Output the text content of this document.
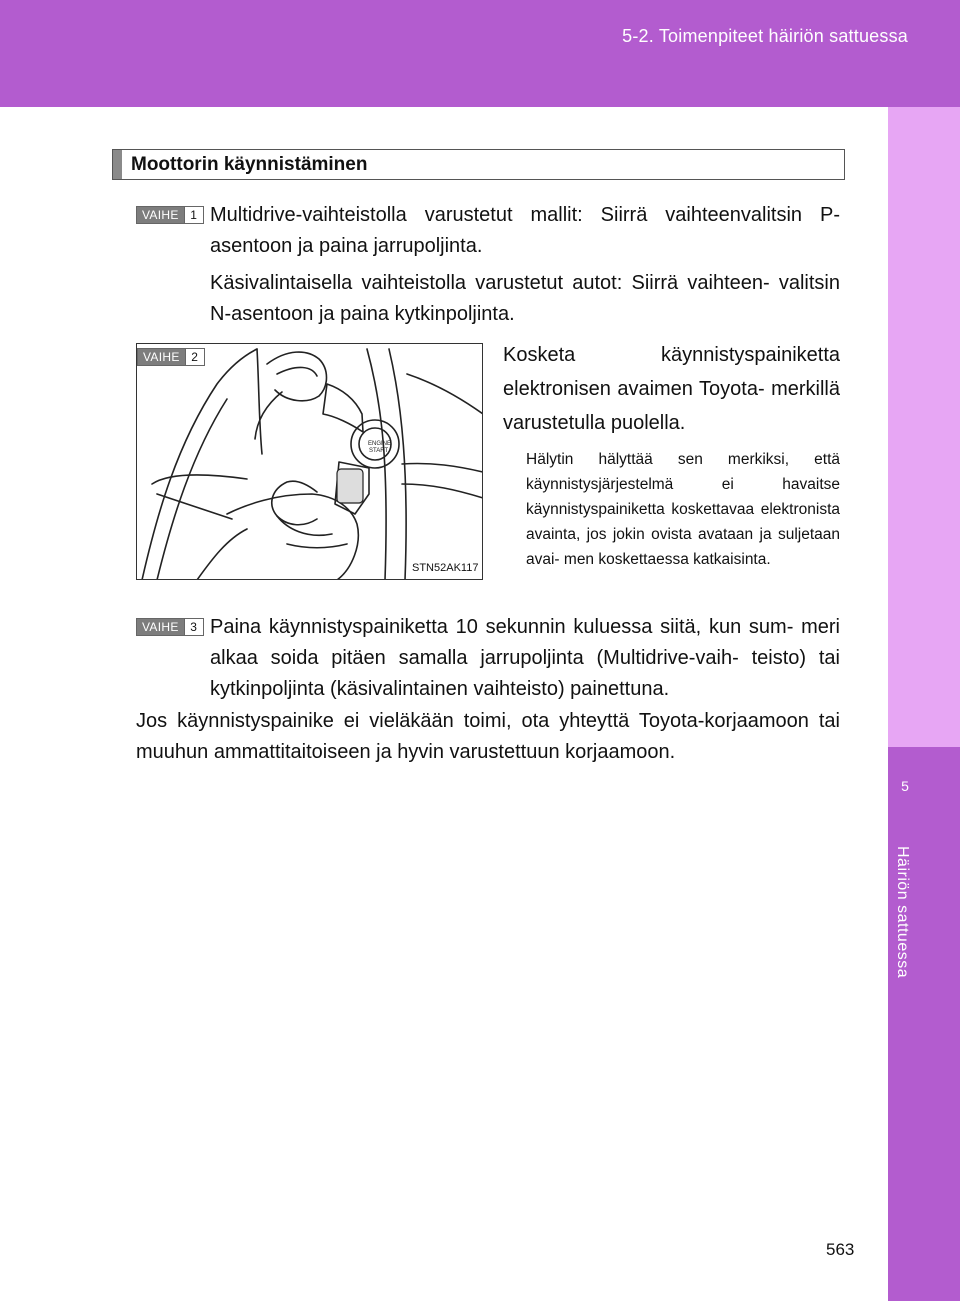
5-2. Toimenpiteet häiriön sattuessa
5
Häiriön sattuessa
Moottorin käynnistäminen
VAIHE 1 Multidrive-vaihteistolla varustetut mallit: Siirrä vaihteenvalitsin P-asentoon ja paina jarrupoljinta.
Käsivalintaisella vaihteistolla varustetut autot: Siirrä vaihteen- valitsin N-asentoon ja paina kytkinpoljinta.
ENGINE
START
VAIHE 2
STN52AK117
Kosketa käynnistyspainiketta elektronisen avaimen Toyota- merkillä varustetulla puolella.
Hälytin hälyttää sen merkiksi, että käynnistysjärjestelmä ei havaitse käynnistyspainiketta koskettavaa elektronista avainta, jos jokin ovista avataan ja suljetaan avai- men koskettaessa katkaisinta.
VAIHE 3 Paina käynnistyspainiketta 10 sekunnin kuluessa siitä, kun sum- meri alkaa soida pitäen samalla jarrupoljinta (Multidrive-vaih- teisto) tai kytkinpoljinta (käsivalintainen vaihteisto) painettuna.
Jos käynnistyspainike ei vieläkään toimi, ota yhteyttä Toyota-korjaamoon tai muuhun ammattitaitoiseen ja hyvin varustettuun korjaamoon.
563
